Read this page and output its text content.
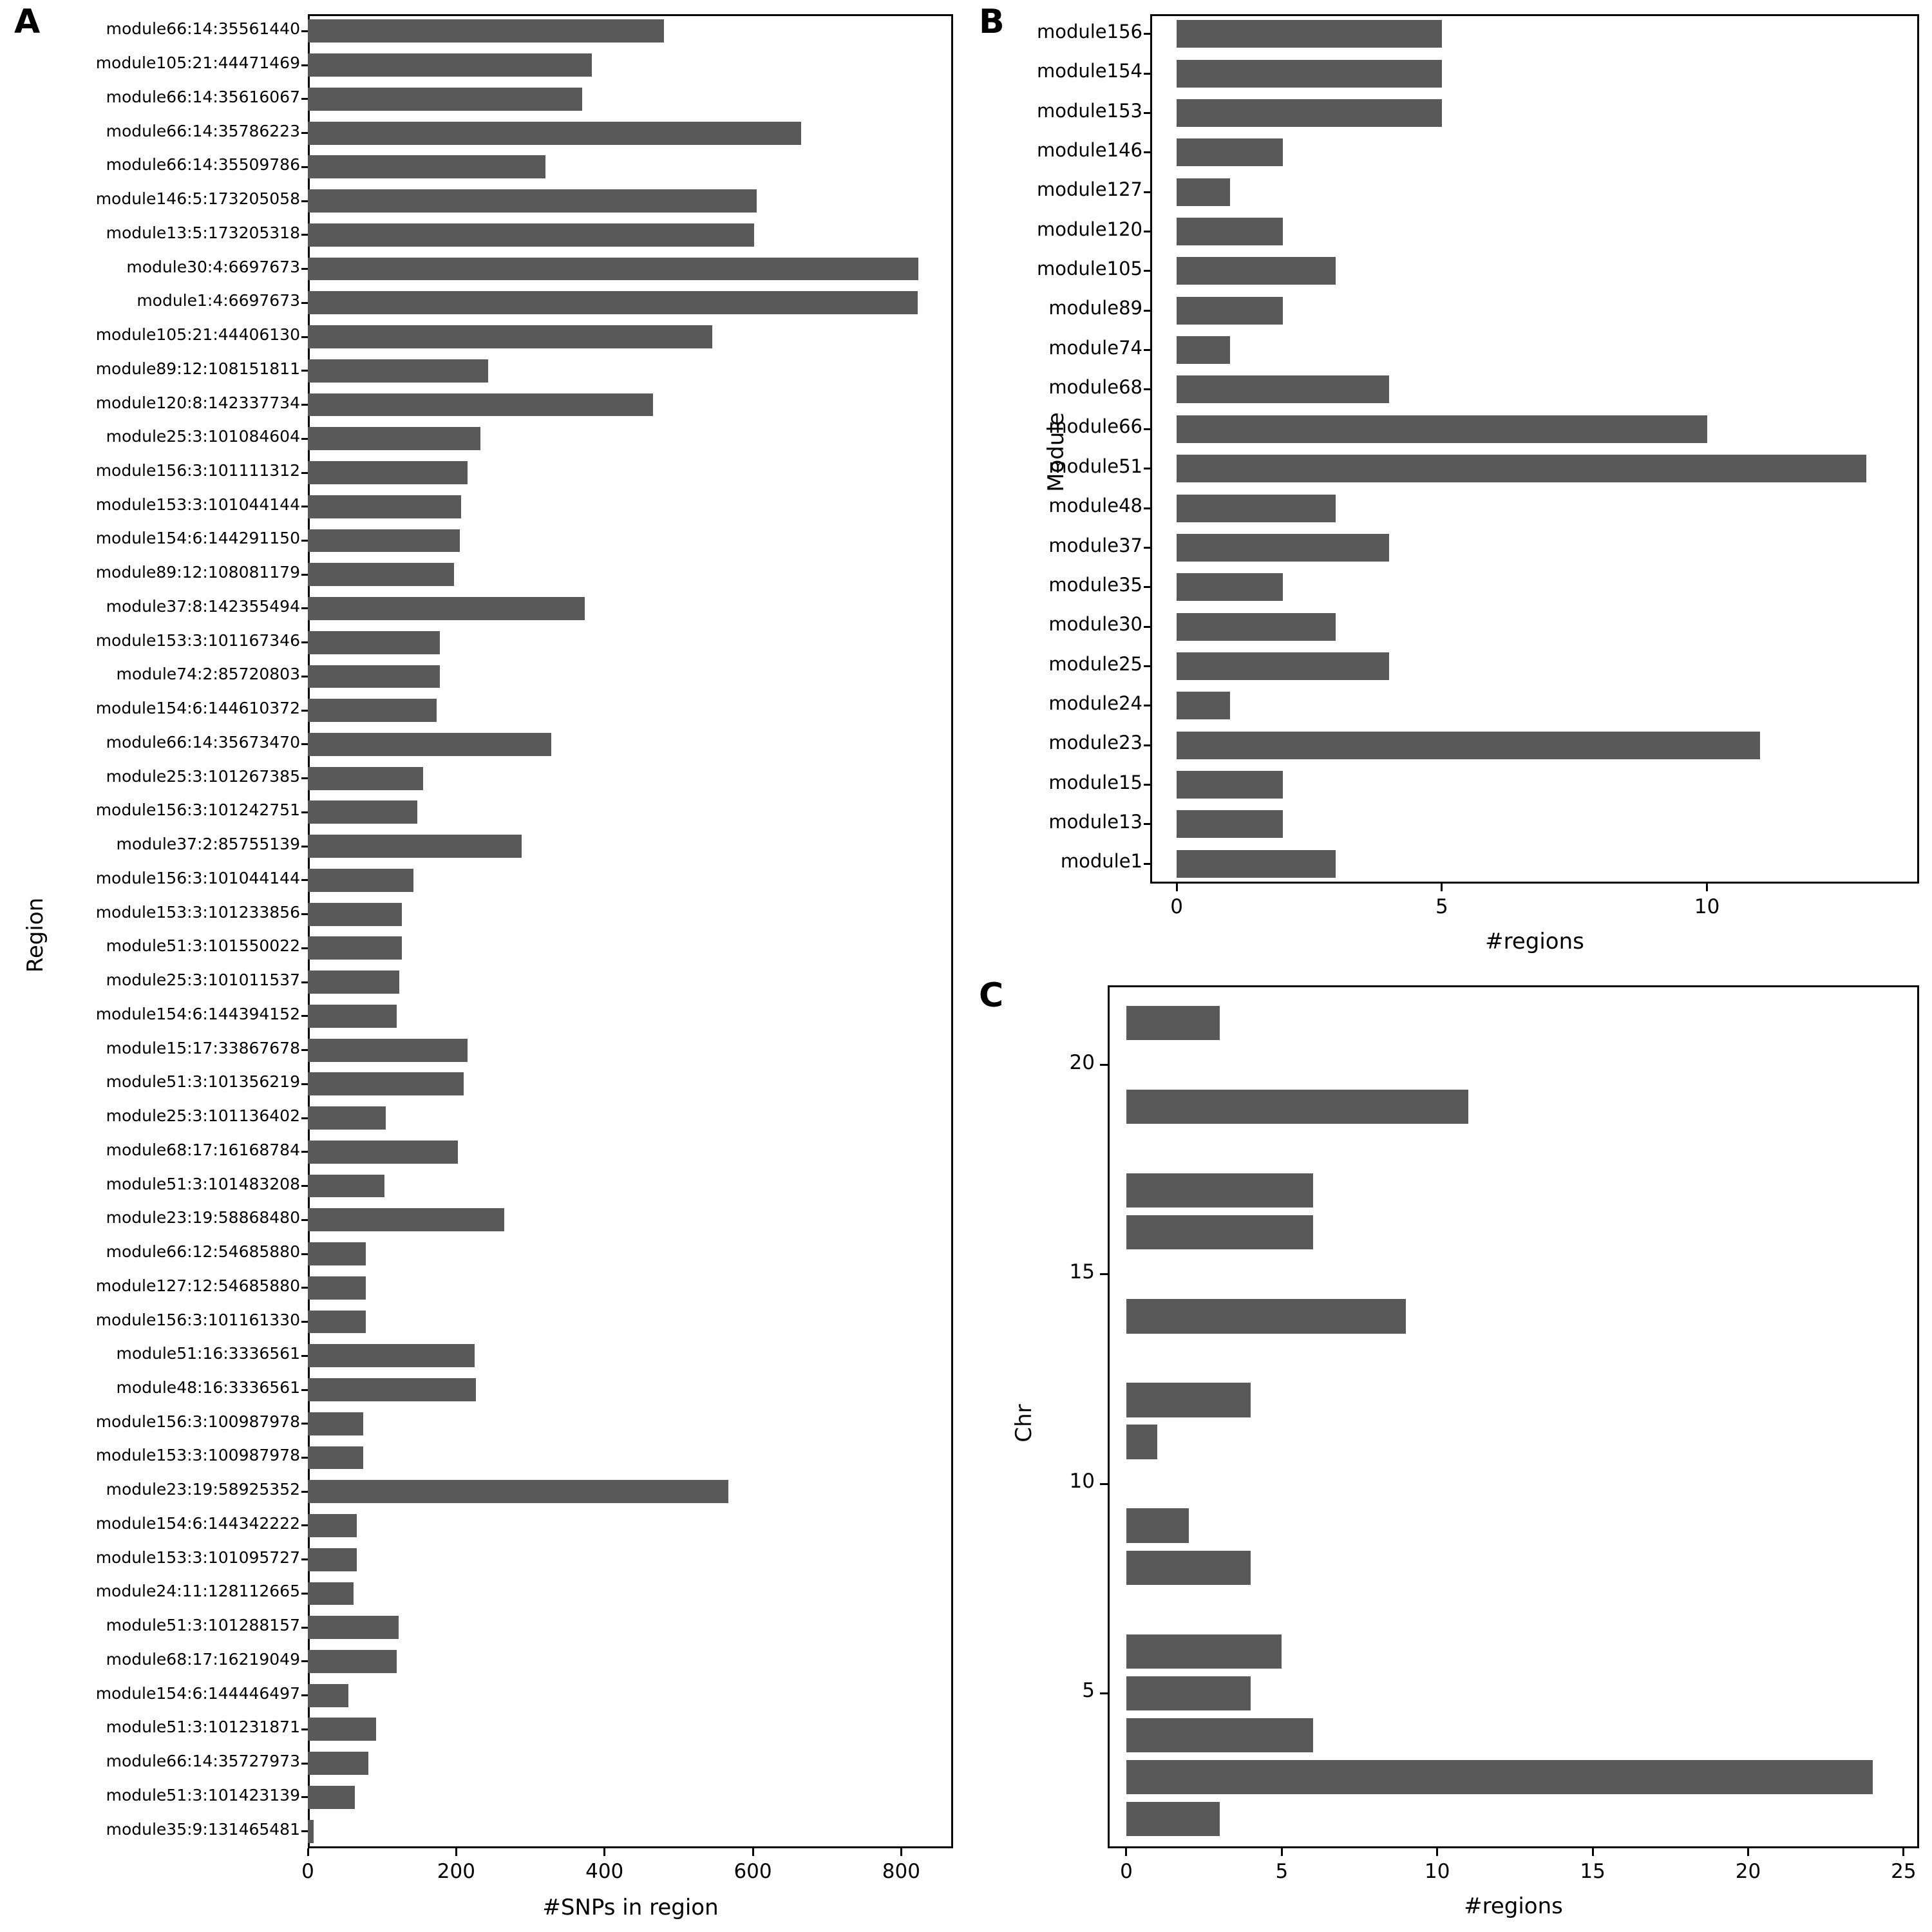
A
#SNPs in region
Region
module66:14:35561440
module105:21:44471469
module66:14:35616067
module66:14:35786223
module66:14:35509786
module146:5:173205058
module13:5:173205318
module30:4:6697673
module1:4:6697673
module105:21:44406130
module89:12:108151811
module120:8:142337734
module25:3:101084604
module156:3:101111312
module153:3:101044144
module154:6:144291150
module89:12:108081179
module37:8:142355494
module153:3:101167346
module74:2:85720803
module154:6:144610372
module66:14:35673470
module25:3:101267385
module156:3:101242751
module37:2:85755139
module156:3:101044144
module153:3:101233856
module51:3:101550022
module25:3:101011537
module154:6:144394152
module15:17:33867678
module51:3:101356219
module25:3:101136402
module68:17:16168784
module51:3:101483208
module23:19:58868480
module66:12:54685880
module127:12:54685880
module156:3:101161330
module51:16:3336561
module48:16:3336561
module156:3:100987978
module153:3:100987978
module23:19:58925352
module154:6:144342222
module153:3:101095727
module24:11:128112665
module51:3:101288157
module68:17:16219049
module154:6:144446497
module51:3:101231871
module66:14:35727973
module51:3:101423139
module35:9:131465481
0	200	400	600	800
B
#regions
Module
module156
module154
module153
module146
module127
module120
module105
module89
module74
module68
module66
module51
module48
module37
module35
module30
module25
module24
module23
module15
module13
module1
0	5	10
C
#regions
Chr
5
10
15
20
0	5	10	15	20	25
